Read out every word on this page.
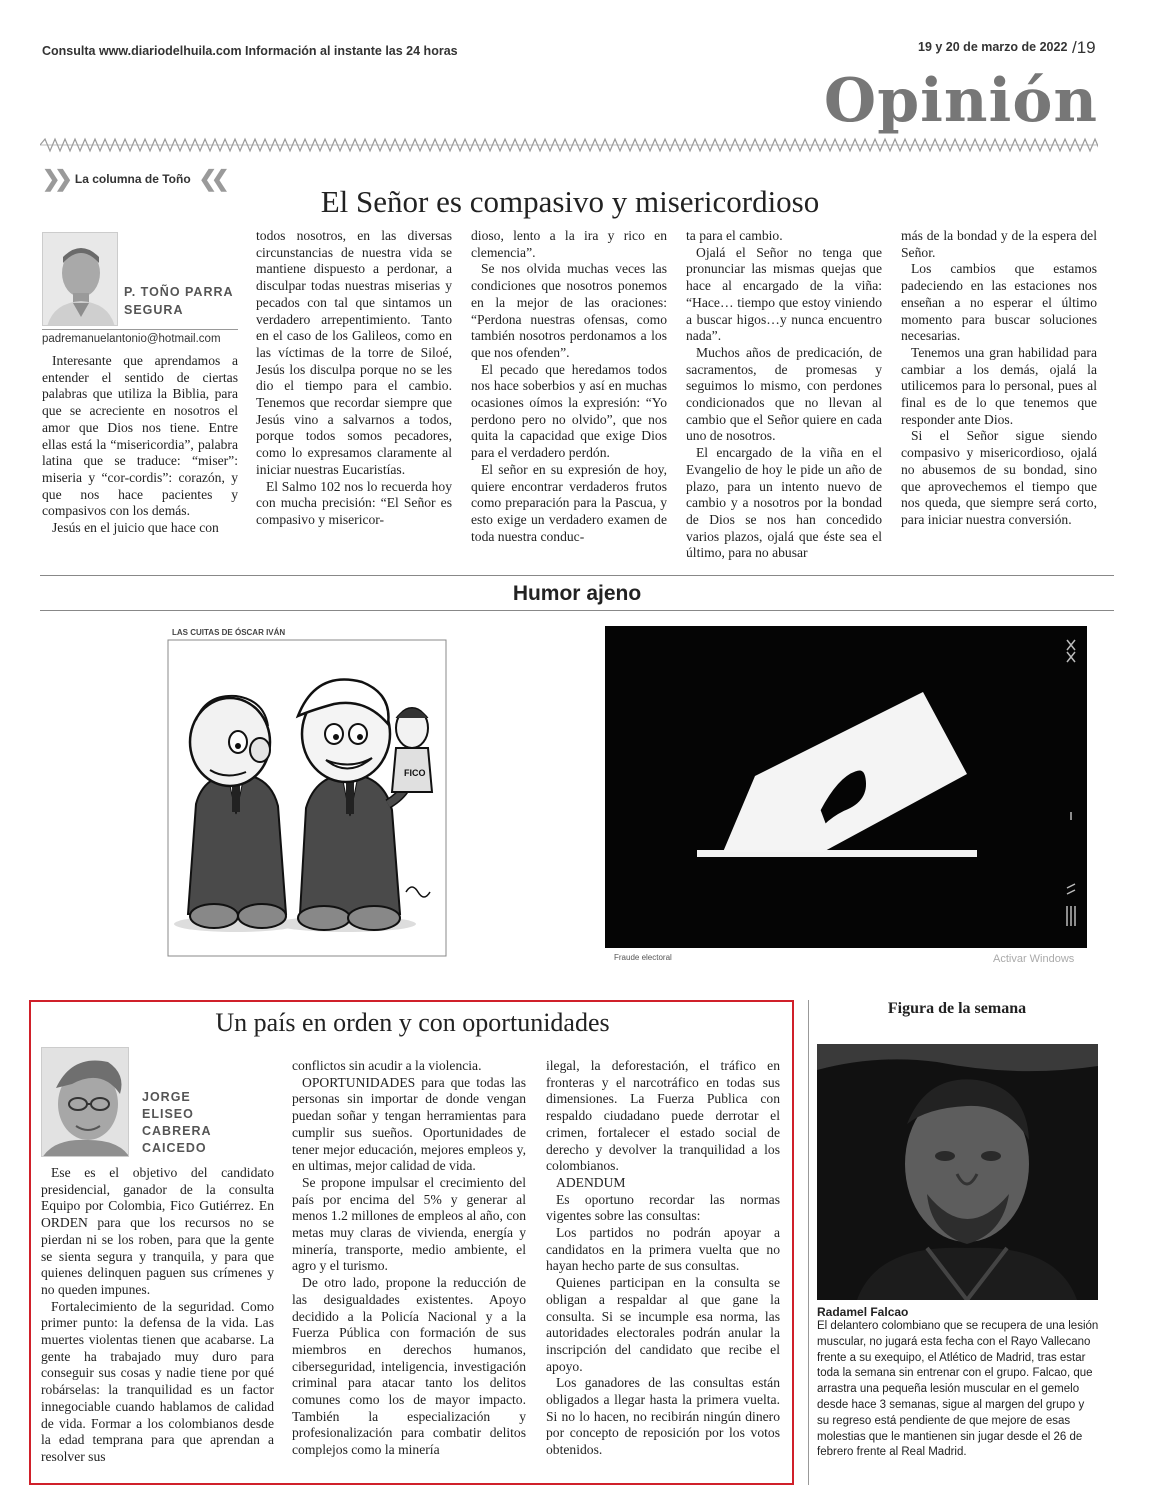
Consulta www.diariodelhuila.com Información al instante las 24 horas	19 y 20 de marzo de 2022 /19
Opinión
❯❯ La columna de Toño ❮❮
El Señor es compasivo y misericordioso
P. TOÑO PARRA SEGURA
padremanuelantonio@hotmail.com

Interesante que aprendamos a entender el sentido de ciertas palabras que utiliza la Biblia, para que se acreciente en nosotros el amor que Dios nos tiene. Entre ellas está la “misericordia”, palabra latina que se traduce: “miser”: miseria y “cor-cordis”: corazón, y que nos hace pacientes y compasivos con los demás.

Jesús en el juicio que hace con

todos nosotros, en las diversas circunstancias de nuestra vida se mantiene dispuesto a perdonar, a disculpar todas nuestras miserias y pecados con tal que sintamos un verdadero arrepentimiento. Tanto en el caso de los Galileos, como en las víctimas de la torre de Siloé, Jesús los disculpa porque no se les dio el tiempo para el cambio. Tenemos que recordar siempre que Jesús vino a salvarnos a todos, porque todos somos pecadores, como lo expresamos claramente al iniciar nuestras Eucaristías.

El Salmo 102 nos lo recuerda hoy con mucha precisión: “El Señor es compasivo y misericor-

dioso, lento a la ira y rico en clemencia”.

Se nos olvida muchas veces las condiciones que nosotros ponemos en la mejor de las oraciones: “Perdona nuestras ofensas, como también nosotros perdonamos a los que nos ofenden”.

El pecado que heredamos todos nos hace soberbios y así en muchas ocasiones oímos la expresión: “Yo perdono pero no olvido”, que nos quita la capacidad que exige Dios para el verdadero perdón.

El señor en su expresión de hoy, quiere encontrar verdaderos frutos como preparación para la Pascua, y esto exige un verdadero examen de toda nuestra conduc-

ta para el cambio.

Ojalá el Señor no tenga que pronunciar las mismas quejas que hace al encargado de la viña: “Hace… tiempo que estoy viniendo a buscar higos…y nunca encuentro nada”.

Muchos años de predicación, de sacramentos, de promesas y seguimos lo mismo, con perdones condicionados que no llevan al cambio que el Señor quiere en cada uno de nosotros.

El encargado de la viña en el Evangelio de hoy le pide un año de plazo, para un intento nuevo de cambio y a nosotros por la bondad de Dios se nos han concedido varios plazos, ojalá que éste sea el último, para no abusar

más de la bondad y de la espera del Señor.

Los cambios que estamos padeciendo en las estaciones nos enseñan a no esperar el último momento para buscar soluciones necesarias.

Tenemos una gran habilidad para cambiar a los demás, ojalá la utilicemos para lo personal, pues al final es de lo que tenemos que responder ante Dios.

Si el Señor sigue siendo compasivo y misericordioso, ojalá no abusemos de su bondad, sino que aprovechemos el tiempo que nos queda, que siempre será corto, para iniciar nuestra conversión.

Humor ajeno
LAS CUITAS DE ÓSCAR IVÁN
FICO
Fraude electoral	Activar Windows
Un país en orden y con oportunidades
JORGE ELISEO CABRERA CAICEDO

Ese es el objetivo del candidato presidencial, ganador de la consulta Equipo por Colombia, Fico Gutiérrez. En ORDEN para que los recursos no se pierdan ni se los roben, para que la gente se sienta segura y tranquila, y para que quienes delinquen paguen sus crímenes y no queden impunes.

Fortalecimiento de la seguridad. Como primer punto: la defensa de la vida. Las muertes violentas tienen que acabarse. La gente ha trabajado muy duro para conseguir sus cosas y nadie tiene por qué robárselas: la tranquilidad es un factor innegociable cuando hablamos de calidad de vida. Formar a los colombianos desde la edad temprana para que aprendan a resolver sus

conflictos sin acudir a la violencia.

OPORTUNIDADES para que todas las personas sin importar de donde vengan puedan soñar y tengan herramientas para cumplir sus sueños. Oportunidades de tener mejor educación, mejores empleos y, en ultimas, mejor calidad de vida.

Se propone impulsar el crecimiento del país por encima del 5% y generar al menos 1.2 millones de empleos al año, con metas muy claras de vivienda, energía y minería, transporte, medio ambiente, el agro y el turismo.

De otro lado, propone la reducción de las desigualdades existentes. Apoyo decidido a la Policía Nacional y a la Fuerza Pública con formación de sus miembros en derechos humanos, ciberseguridad, inteligencia, investigación criminal para atacar tanto los delitos comunes como los de mayor impacto. También la especialización y profesionalización para combatir delitos complejos como la minería

ilegal, la deforestación, el tráfico en fronteras y el narcotráfico en todas sus dimensiones. La Fuerza Publica con respaldo ciudadano puede derrotar el crimen, fortalecer el estado social de derecho y devolver la tranquilidad a los colombianos.

ADENDUM

Es oportuno recordar las normas vigentes sobre las consultas:

Los partidos no podrán apoyar a candidatos en la primera vuelta que no hayan hecho parte de sus consultas.

Quienes participan en la consulta se obligan a respaldar al que gane la consulta. Si se incumple esa norma, las autoridades electorales podrán anular la inscripción del candidato que recibe el apoyo.

Los ganadores de las consultas están obligados a llegar hasta la primera vuelta. Si no lo hacen, no recibirán ningún dinero por concepto de reposición por los votos obtenidos.

Figura de la semana
Radamel Falcao
El delantero colombiano que se recupera de una lesión muscular, no jugará esta fecha con el Rayo Vallecano frente a su exequipo, el Atlético de Madrid, tras estar toda la semana sin entrenar con el grupo. Falcao, que arrastra una pequeña lesión muscular en el gemelo desde hace 3 semanas, sigue al margen del grupo y su regreso está pendiente de que mejore de esas molestias que le mantienen sin jugar desde el 26 de febrero frente al Real Madrid.
